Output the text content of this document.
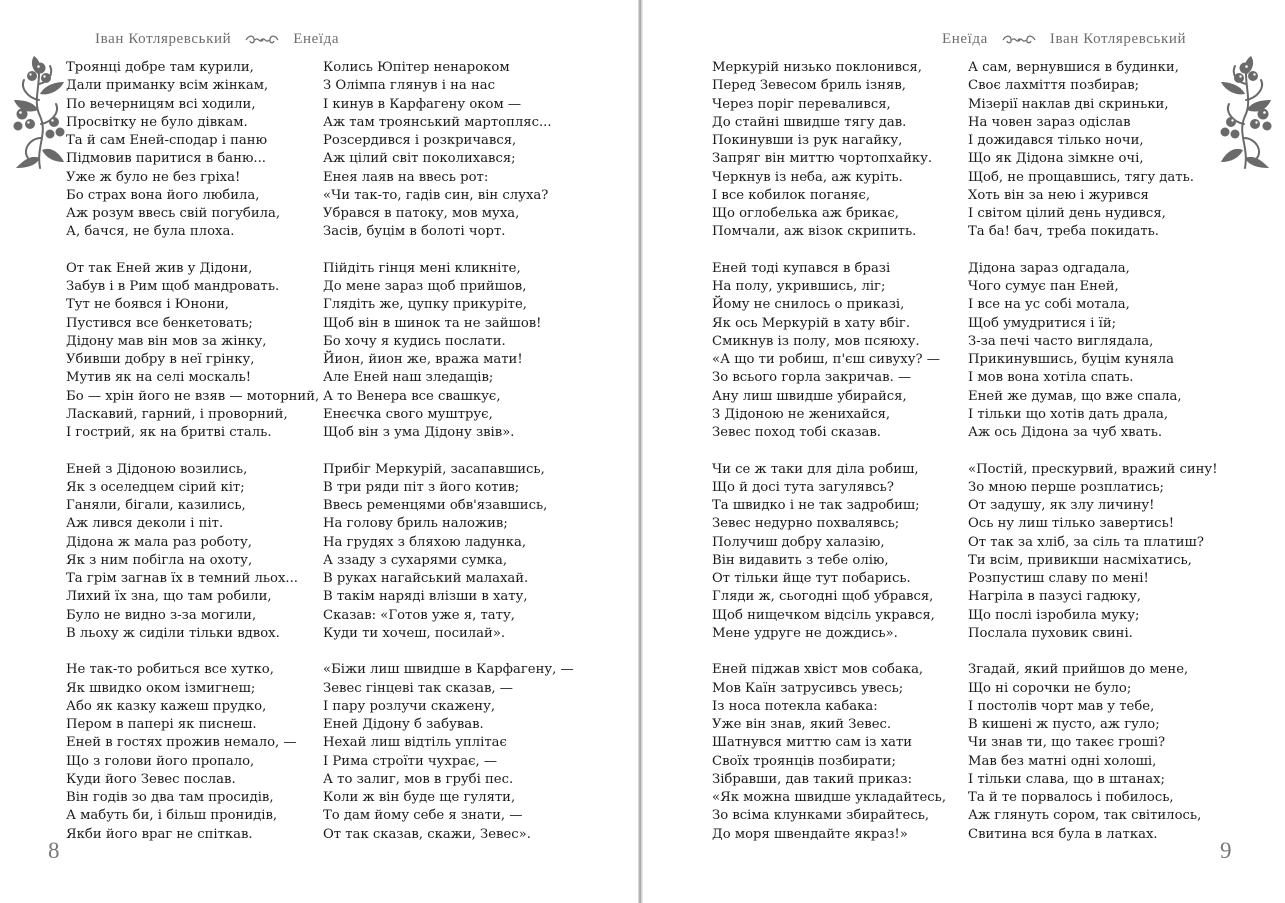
Іван Котляревський	Енеїда
Троянці добре там курили,
Дали приманку всім жінкам,
По вечерницям всі ходили,
Просвітку не було дівкам.
Та й сам Еней-сподар і паню
Підмовив паритися в баню...
Уже ж було не без гріха!
Бо страх вона його любила,
Аж розум ввесь свій погубила,
А, бачся, не була плоха.
От так Еней жив у Дідони,
Забув і в Рим щоб мандровать.
Тут не боявся і Юнони,
Пустився все бенкетовать;
Дідону мав він мов за жінку,
Убивши добру в неї грінку,
Мутив як на селі москаль!
Бо — хрін його не взяв — моторний,
Ласкавий, гарний, і проворний,
І гострий, як на бритві сталь.
Еней з Дідоною возились,
Як з оселедцем сірий кіт;
Ганяли, бігали, казились,
Аж лився деколи і піт.
Дідона ж мала раз роботу,
Як з ним побігла на охоту,
Та грім загнав їх в темний льох...
Лихий їх зна, що там робили,
Було не видно з-за могили,
В льоху ж сиділи тільки вдвох.
Не так-то робиться все хутко,
Як швидко оком ізмигнеш;
Або як казку кажеш прудко,
Пером в папері як писнеш.
Еней в гостях прожив немало, —
Що з голови його пропало,
Куди його Зевес послав.
Він годів зо два там просидів,
А мабуть би, і більш пронидів,
Якби його враг не спіткав.
Колись Юпітер ненароком
З Олімпа глянув і на нас
І кинув в Карфагену оком —
Аж там троянський мартопляс...
Розсердився і розкричався,
Аж цілий світ поколихався;
Енея лаяв на ввесь рот:
«Чи так-то, гадів син, він слуха?
Убрався в патоку, мов муха,
Засів, буцім в болоті чорт.
Пійдіть гінця мені кликніте,
До мене зараз щоб прийшов,
Глядіть же, цупку прикуріте,
Щоб він в шинок та не зайшов!
Бо хочу я кудись послати.
Йион, йион же, вража мати!
Але Еней наш зледащів;
А то Венера все свашкує,
Енеєчка свого муштрує,
Щоб він з ума Дідону звів».
Прибіг Меркурій, засапавшись,
В три ряди піт з його котив;
Ввесь ременцями обв'язавшись,
На голову бриль наложив;
На грудях з бляхою ладунка,
А ззаду з сухарями сумка,
В руках нагайський малахай.
В такім наряді влізши в хату,
Сказав: «Готов уже я, тату,
Куди ти хочеш, посилай».
«Біжи лиш швидше в Карфагену, —
Зевес гінцеві так сказав, —
І пару розлучи скажену,
Еней Дідону б забував.
Нехай лиш відтіль уплітає
І Рима строїти чухрає, —
А то залиг, мов в грубі пес.
Коли ж він буде ще гуляти,
То дам йому себе я знати, —
От так сказав, скажи, Зевес».
8
Енеїда	Іван Котляревський
Меркурій низько поклонився,
Перед Зевесом бриль ізняв,
Через поріг перевалився,
До стайні швидше тягу дав.
Покинувши із рук нагайку,
Запряг він миттю чортопхайку.
Черкнув із неба, аж куріть.
І все кобилок поганяє,
Що оглобелька аж брикає,
Помчали, аж візок скрипить.
Еней тоді купався в бразі
На полу, укрившись, ліг;
Йому не снилось о приказі,
Як ось Меркурій в хату вбіг.
Смикнув із полу, мов псяюху.
«А що ти робиш, п'єш сивуху? —
Зо всього горла закричав. —
Ану лиш швидше убирайся,
З Дідоною не женихайся,
Зевес поход тобі сказав.
Чи се ж таки для діла робиш,
Що й досі тута загулявсь?
Та швидко і не так задробиш;
Зевес недурно похвалявсь;
Получиш добру халазію,
Він видавить з тебе олію,
От тільки йще тут побарись.
Гляди ж, сьогодні щоб убрався,
Щоб нищечком відсіль укрався,
Мене удруге не дождись».
Еней піджав хвіст мов собака,
Мов Каїн затрусивсь увесь;
Із носа потекла кабака:
Уже він знав, який Зевес.
Шатнувся миттю сам із хати
Своїх троянців позбирати;
Зібравши, дав такий приказ:
«Як можна швидше укладайтесь,
Зо всіма клунками збирайтесь,
До моря швендайте якраз!»
А сам, вернувшися в будинки,
Своє лахміття позбирав;
Мізерії наклав дві скриньки,
На човен зараз одіслав
І дожидався тілько ночи,
Що як Дідона зімкне очі,
Щоб, не прощавшись, тягу дать.
Хоть він за нею і журився
І світом цілий день нудився,
Та ба! бач, треба покидать.
Дідона зараз одгадала,
Чого сумує пан Еней,
І все на ус собі мотала,
Щоб умудритися і їй;
З-за печі часто виглядала,
Прикинувшись, буцім куняла
І мов вона хотіла спать.
Еней же думав, що вже спала,
І тільки що хотів дать драла,
Аж ось Дідона за чуб хвать.
«Постій, прескурвий, вражий сину!
Зо мною перше розплатись;
От задушу, як злу личину!
Ось ну лиш тілько завертись!
От так за хліб, за сіль та платиш?
Ти всім, привикши насміхатись,
Розпустиш славу по мені!
Нагріла в пазусі гадюку,
Що послі ізробила муку;
Послала пуховик свині.
Згадай, який прийшов до мене,
Що ні сорочки не було;
І постолів чорт мав у тебе,
В кишені ж пусто, аж гуло;
Чи знав ти, що такеє гроші?
Мав без матні одні холоші,
І тільки слава, що в штанах;
Та й те порвалось і побилось,
Аж глянуть сором, так світилось,
Свитина вся була в латках.
9
